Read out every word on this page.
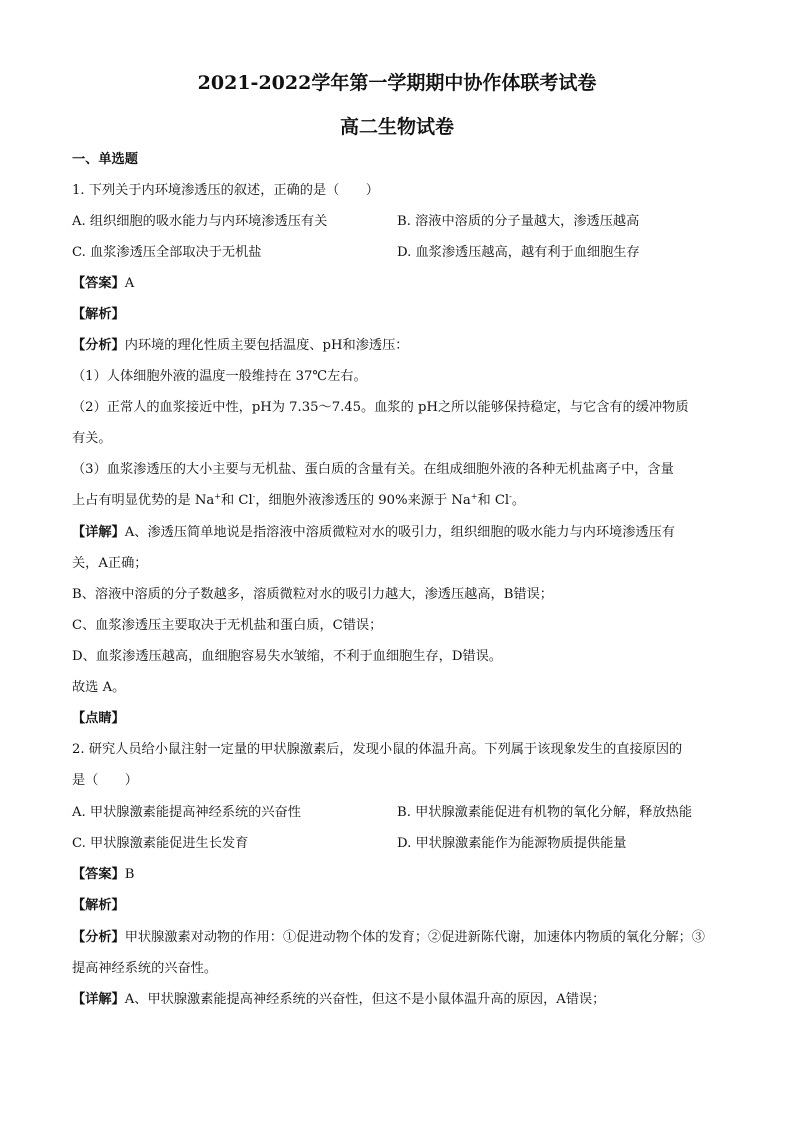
2021-2022学年第一学期期中协作体联考试卷
高二生物试卷
一、单选题
1. 下列关于内环境渗透压的叙述，正确的是（　　）
A. 组织细胞的吸水能力与内环境渗透压有关	B. 溶液中溶质的分子量越大，渗透压越高
C. 血浆渗透压全部取决于无机盐	D. 血浆渗透压越高，越有利于血细胞生存
【答案】A
【解析】
【分析】内环境的理化性质主要包括温度、pH和渗透压：
（1）人体细胞外液的温度一般维持在 37℃左右。
（2）正常人的血浆接近中性，pH为 7.35～7.45。血浆的 pH之所以能够保持稳定，与它含有的缓冲物质
有关。
（3）血浆渗透压的大小主要与无机盐、蛋白质的含量有关。在组成细胞外液的各种无机盐离子中，含量
上占有明显优势的是 Na+和 Cl-，细胞外液渗透压的 90%来源于 Na+和 Cl-。
【详解】A、渗透压简单地说是指溶液中溶质微粒对水的吸引力，组织细胞的吸水能力与内环境渗透压有
关，A正确；
B、溶液中溶质的分子数越多，溶质微粒对水的吸引力越大，渗透压越高，B错误；
C、血浆渗透压主要取决于无机盐和蛋白质，C错误；
D、血浆渗透压越高，血细胞容易失水皱缩，不利于血细胞生存，D错误。
故选 A。
【点睛】
2. 研究人员给小鼠注射一定量的甲状腺激素后，发现小鼠的体温升高。下列属于该现象发生的直接原因的
是（　　）
A. 甲状腺激素能提高神经系统的兴奋性	B. 甲状腺激素能促进有机物的氧化分解，释放热能
C. 甲状腺激素能促进生长发育	D. 甲状腺激素能作为能源物质提供能量
【答案】B
【解析】
【分析】甲状腺激素对动物的作用：①促进动物个体的发育；②促进新陈代谢，加速体内物质的氧化分解；③
提高神经系统的兴奋性。
【详解】A、甲状腺激素能提高神经系统的兴奋性，但这不是小鼠体温升高的原因，A错误；
